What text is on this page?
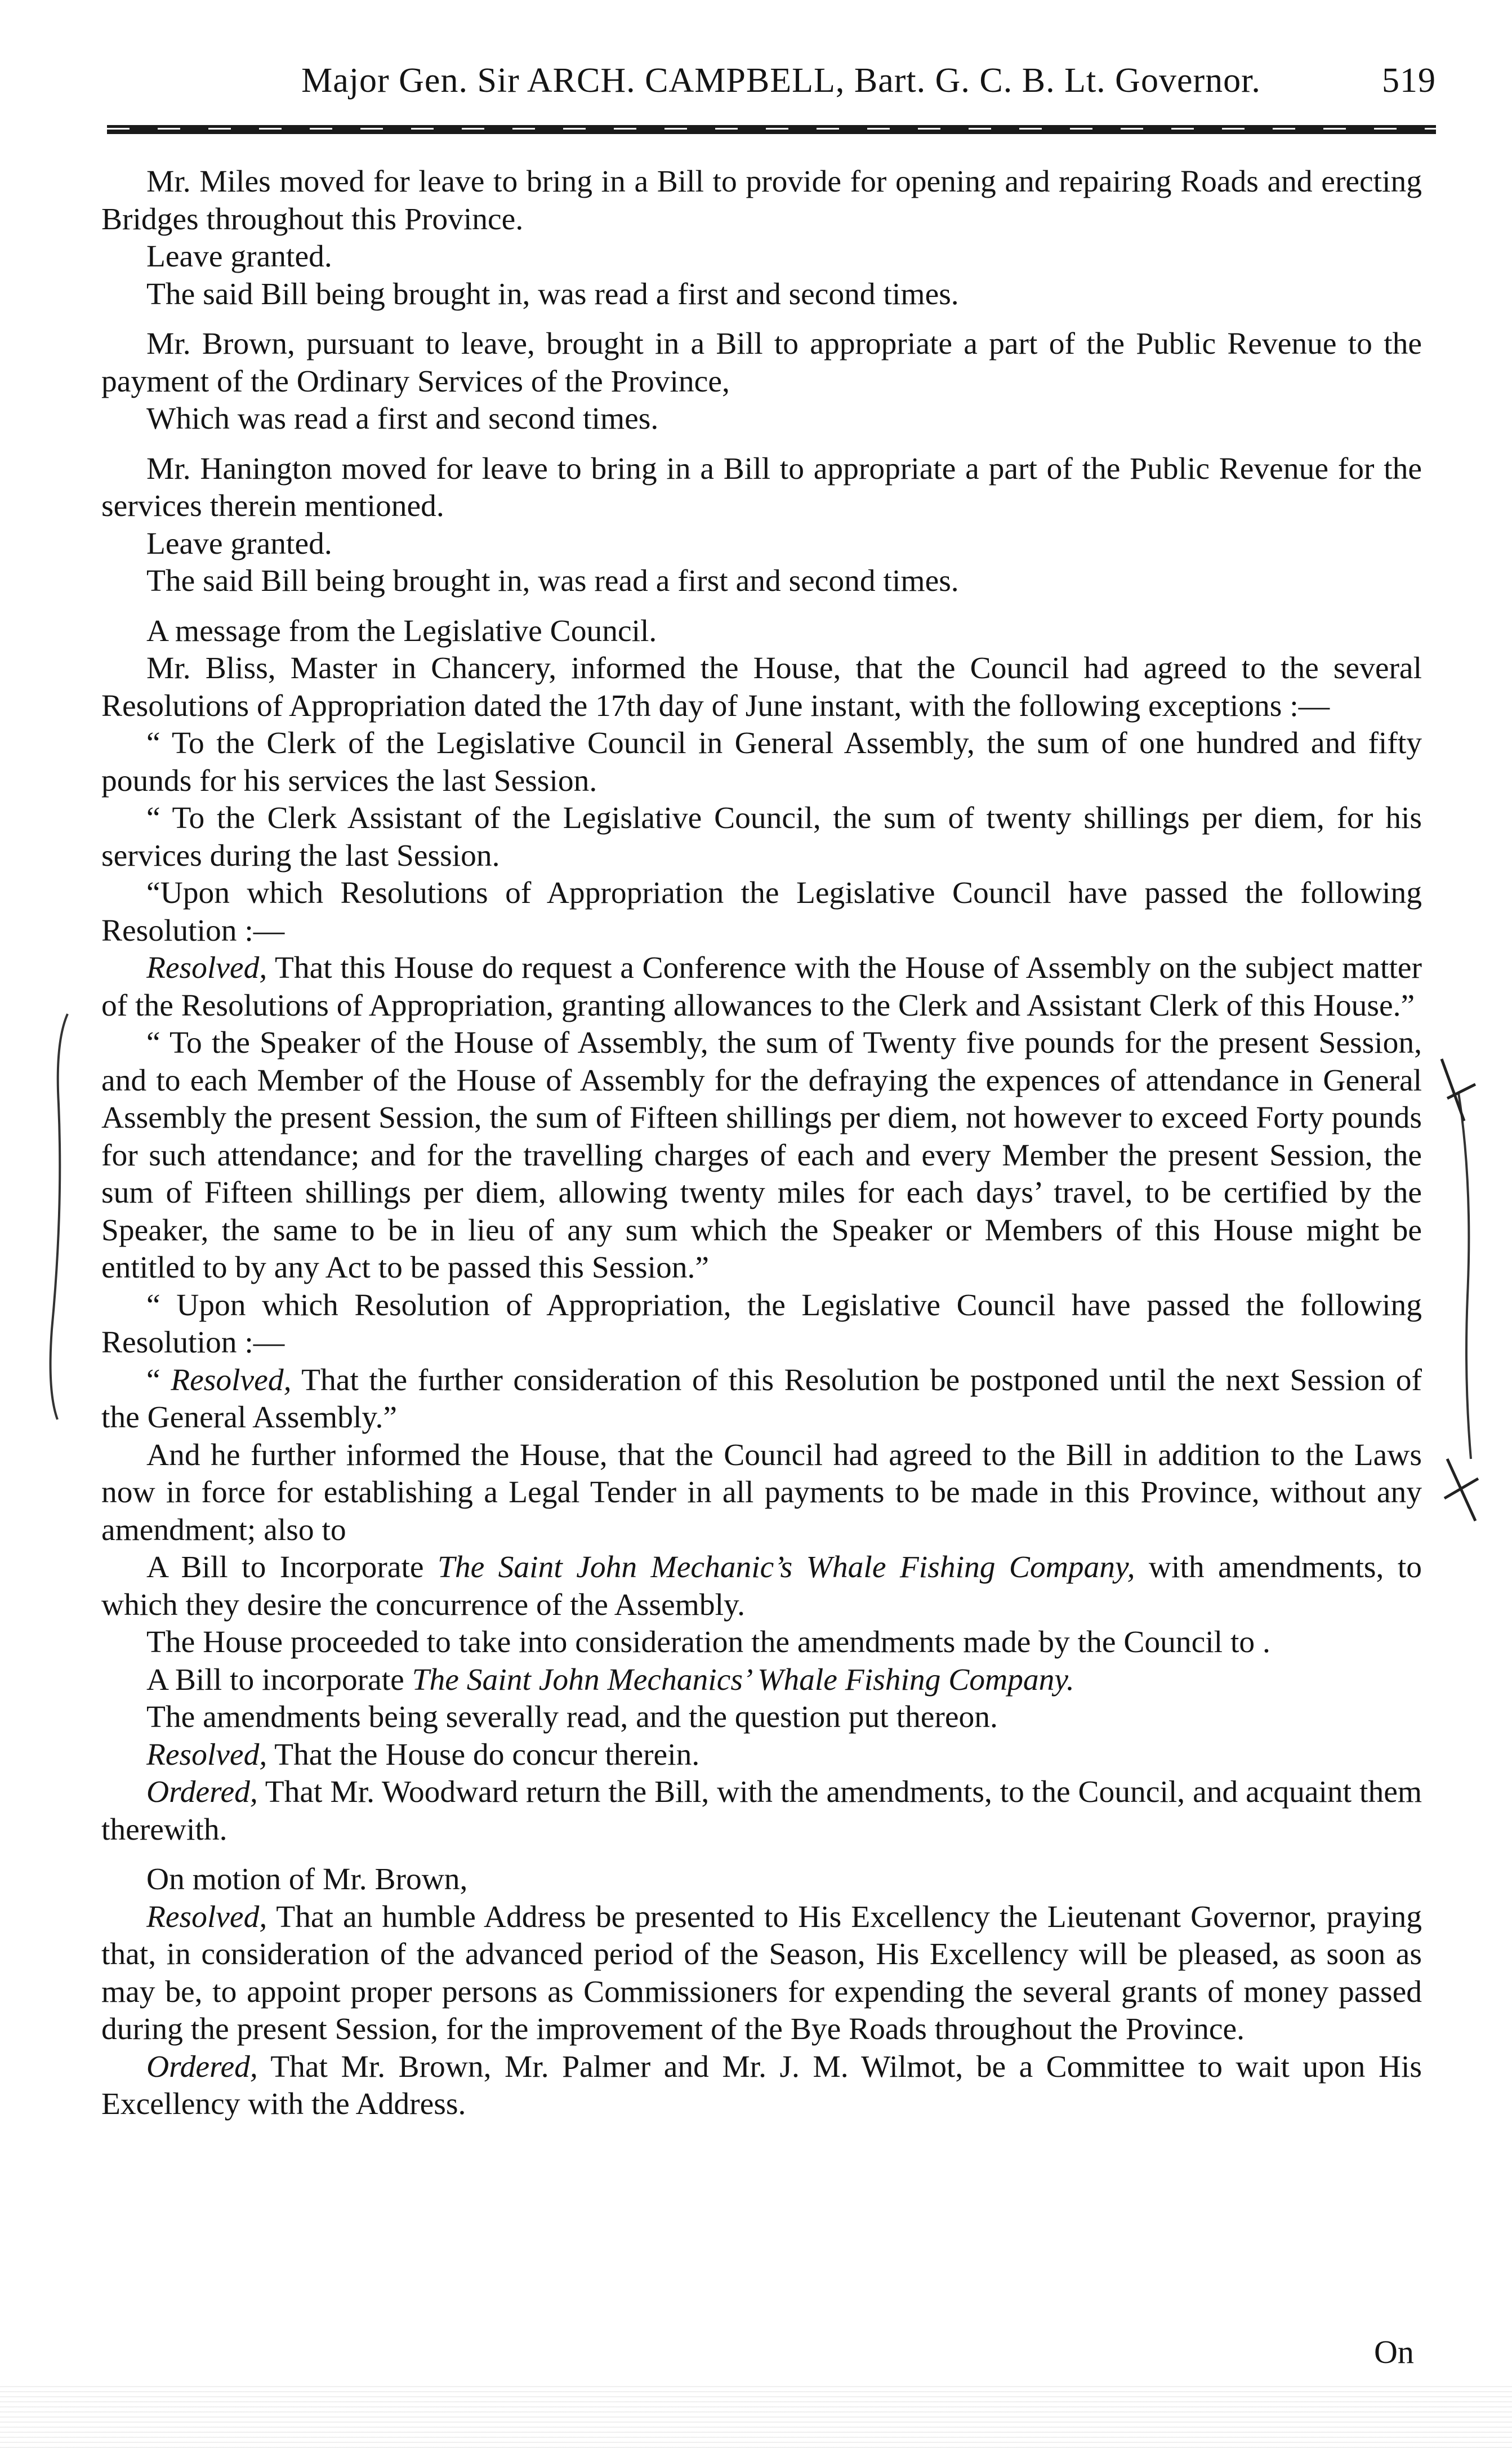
Major Gen. Sir ARCH. CAMPBELL, Bart. G. C. B. Lt. Governor.	519
Mr. Miles moved for leave to bring in a Bill to provide for opening and repairing Roads and erecting Bridges throughout this Province.
Leave granted.
The said Bill being brought in, was read a first and second times.
Mr. Brown, pursuant to leave, brought in a Bill to appropriate a part of the Public Revenue to the payment of the Ordinary Services of the Province,
Which was read a first and second times.
Mr. Hanington moved for leave to bring in a Bill to appropriate a part of the Public Revenue for the services therein mentioned.
Leave granted.
The said Bill being brought in, was read a first and second times.
A message from the Legislative Council.
Mr. Bliss, Master in Chancery, informed the House, that the Council had agreed to the several Resolutions of Appropriation dated the 17th day of June instant, with the following exceptions :—
“ To the Clerk of the Legislative Council in General Assembly, the sum of one hundred and fifty pounds for his services the last Session.
“ To the Clerk Assistant of the Legislative Council, the sum of twenty shillings per diem, for his services during the last Session.
“Upon which Resolutions of Appropriation the Legislative Council have passed the following Resolution :—
Resolved, That this House do request a Conference with the House of Assembly on the subject matter of the Resolutions of Appropriation, granting allowances to the Clerk and Assistant Clerk of this House.”
“ To the Speaker of the House of Assembly, the sum of Twenty five pounds for the present Session, and to each Member of the House of Assembly for the defraying the expences of attendance in General Assembly the present Session, the sum of Fifteen shillings per diem, not however to exceed Forty pounds for such attendance; and for the travelling charges of each and every Member the present Session, the sum of Fifteen shillings per diem, allowing twenty miles for each days’ travel, to be certified by the Speaker, the same to be in lieu of any sum which the Speaker or Members of this House might be entitled to by any Act to be passed this Session.”
“ Upon which Resolution of Appropriation, the Legislative Council have passed the following Resolution :—
“ Resolved, That the further consideration of this Resolution be postponed until the next Session of the General Assembly.”
And he further informed the House, that the Council had agreed to the Bill in addition to the Laws now in force for establishing a Legal Tender in all payments to be made in this Province, without any amendment; also to
A Bill to Incorporate The Saint John Mechanic’s Whale Fishing Company, with amendments, to which they desire the concurrence of the Assembly.
The House proceeded to take into consideration the amendments made by the Council to .
A Bill to incorporate The Saint John Mechanics’ Whale Fishing Company.
The amendments being severally read, and the question put thereon.
Resolved, That the House do concur therein.
Ordered, That Mr. Woodward return the Bill, with the amendments, to the Council, and acquaint them therewith.
On motion of Mr. Brown,
Resolved, That an humble Address be presented to His Excellency the Lieutenant Governor, praying that, in consideration of the advanced period of the Season, His Excellency will be pleased, as soon as may be, to appoint proper persons as Commissioners for expending the several grants of money passed during the present Session, for the improvement of the Bye Roads throughout the Province.
Ordered, That Mr. Brown, Mr. Palmer and Mr. J. M. Wilmot, be a Committee to wait upon His Excellency with the Address.
On
